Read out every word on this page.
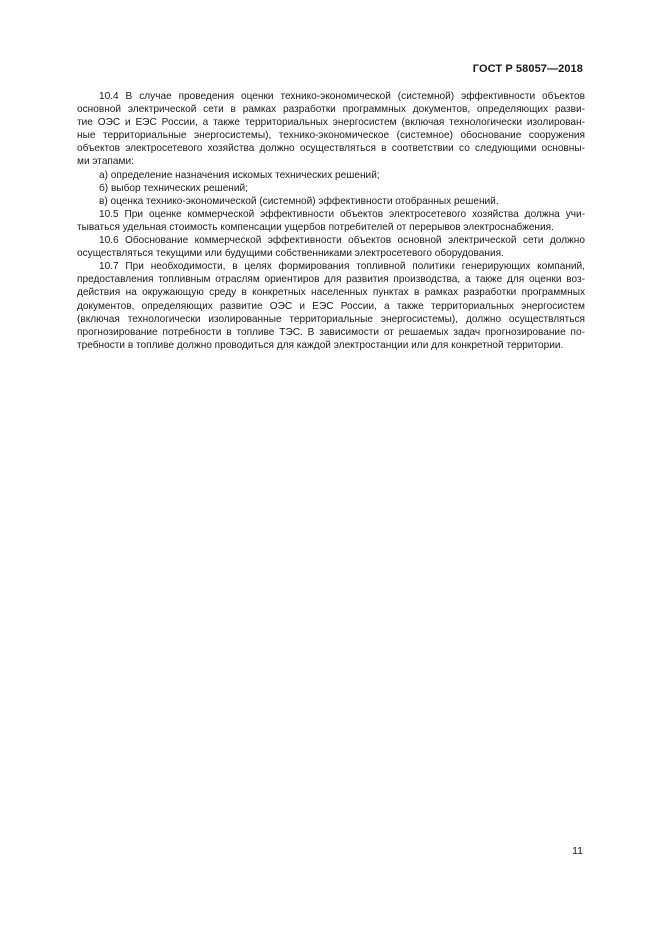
ГОСТ Р 58057—2018
10.4 В случае проведения оценки технико-экономической (системной) эффективности объектов
основной электрической сети в рамках разработки программных документов, определяющих разви-
тие ОЭС и ЕЭС России, а также территориальных энергосистем (включая технологически изолирован-
ные территориальные энергосистемы), технико-экономическое (системное) обоснование сооружения
объектов электросетевого хозяйства должно осуществляться в соответствии со следующими основны-
ми этапами:
а) определение назначения искомых технических решений;
б) выбор технических решений;
в) оценка технико-экономической (системной) эффективности отобранных решений.
10.5 При оценке коммерческой эффективности объектов электросетевого хозяйства должна учи-
тываться удельная стоимость компенсации ущербов потребителей от перерывов электроснабжения.
10.6 Обоснование коммерческой эффективности объектов основной электрической сети должно
осуществляться текущими или будущими собственниками электросетевого оборудования.
10.7 При необходимости, в целях формирования топливной политики генерирующих компаний,
предоставления топливным отраслям ориентиров для развития производства, а также для оценки воз-
действия на окружающую среду в конкретных населенных пунктах в рамках разработки программных
документов, определяющих развитие ОЭС и ЕЭС России, а также территориальных энергосистем
(включая технологически изолированные территориальные энергосистемы), должно осуществляться
прогнозирование потребности в топливе ТЭС. В зависимости от решаемых задач прогнозирование по-
требности в топливе должно проводиться для каждой электростанции или для конкретной территории.
11
